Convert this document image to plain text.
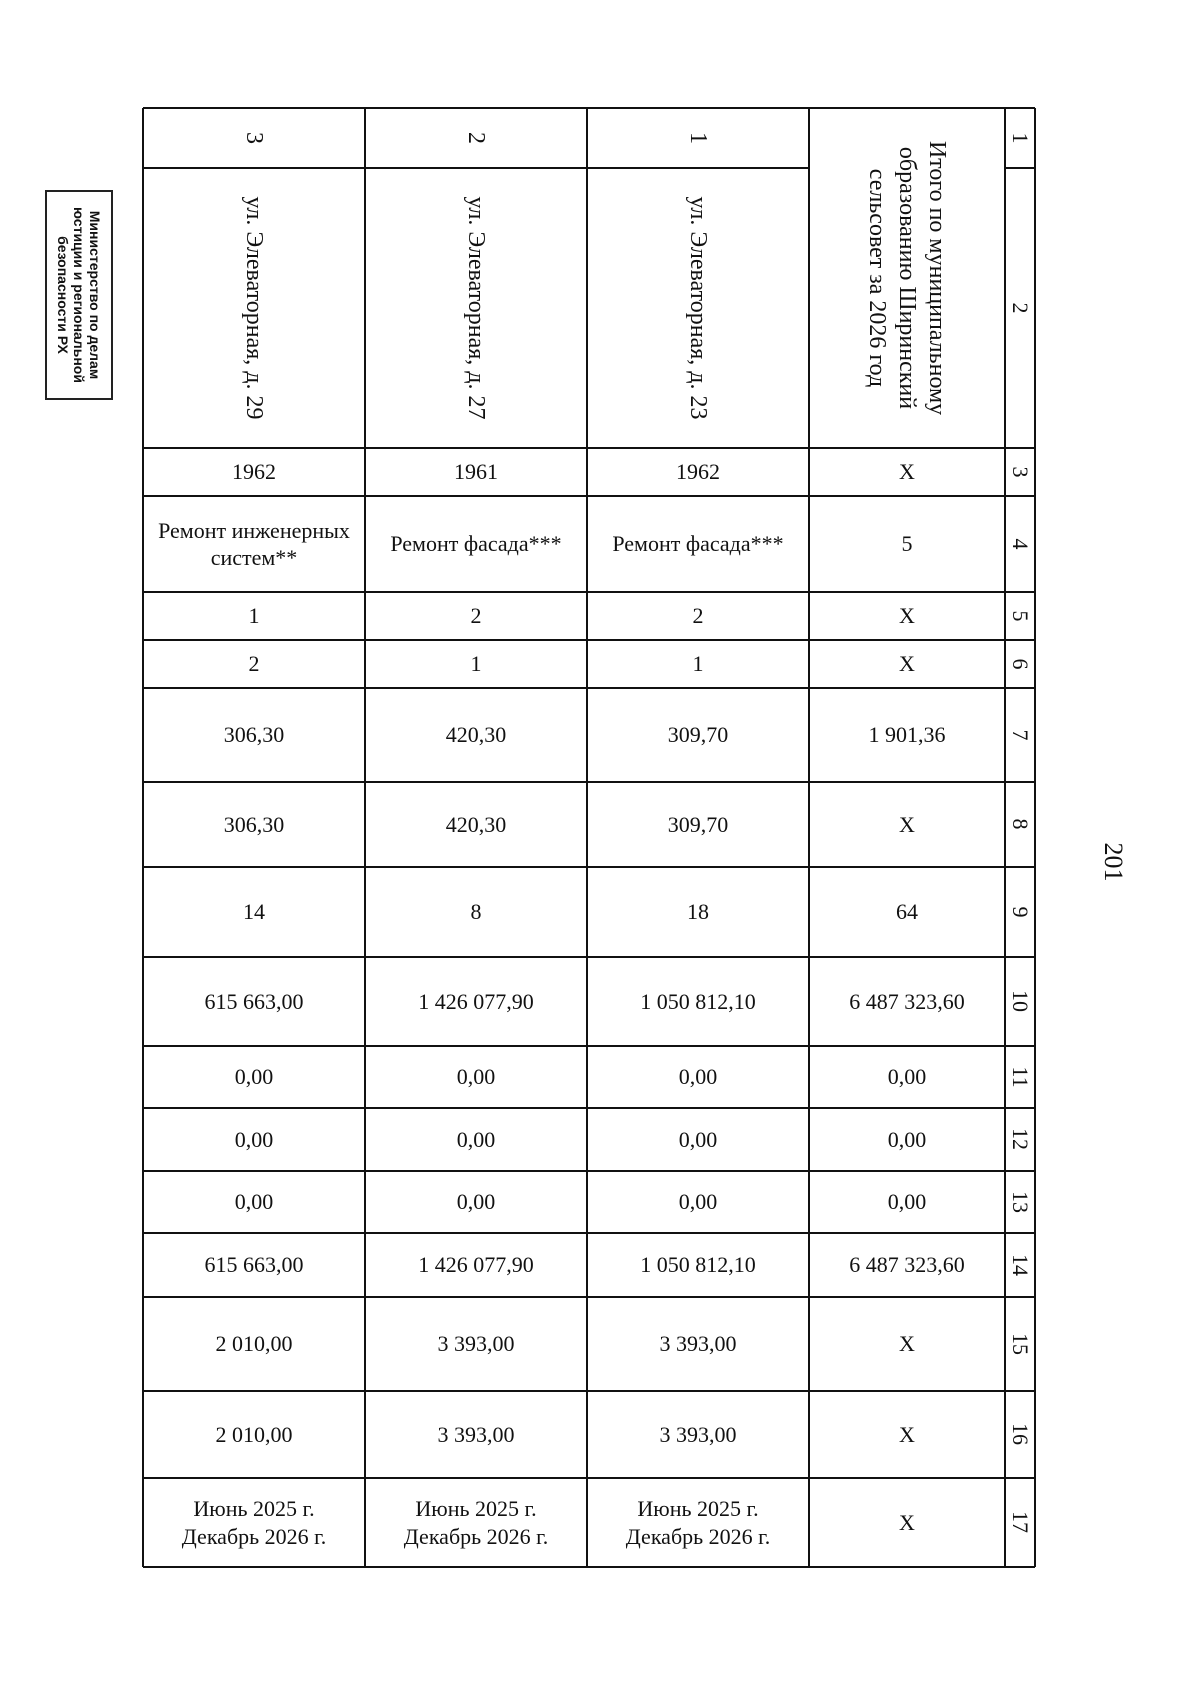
Министерство по делам
юстиции и региональной
безопасности РХ
201
1
2
3
4
5
6
7
8
9
10
11
12
13
14
15
16
17
Итого по муниципальному
образованию Ширинский
сельсовет за 2026 год
X
5
X
X
1 901,36
X
64
6 487 323,60
0,00
0,00
0,00
6 487 323,60
X
X
X
1
ул. Элеваторная, д. 23
1962
Ремонт фасада***
2
1
309,70
309,70
18
1 050 812,10
0,00
0,00
0,00
1 050 812,10
3 393,00
3 393,00
Июнь 2025 г.
Декабрь 2026 г.
2
ул. Элеваторная, д. 27
1961
Ремонт фасада***
2
1
420,30
420,30
8
1 426 077,90
0,00
0,00
0,00
1 426 077,90
3 393,00
3 393,00
Июнь 2025 г.
Декабрь 2026 г.
3
ул. Элеваторная, д. 29
1962
Ремонт инженерных систем**
1
2
306,30
306,30
14
615 663,00
0,00
0,00
0,00
615 663,00
2 010,00
2 010,00
Июнь 2025 г.
Декабрь 2026 г.
